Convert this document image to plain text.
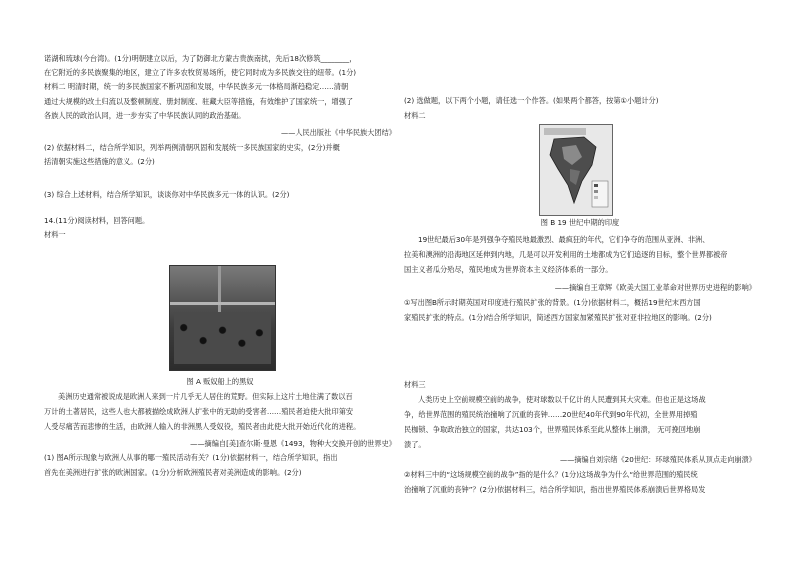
诺湖和琉球(今台湾)。(1分)明朝建立以后，为了防御北方蒙古贵族南扰，先后18次修筑________，
在它附近的多民族聚集的地区，建立了许多农牧贸易场所，使它同时成为多民族交往的纽带。(1分)
材料二 明清时期，统一的多民族国家不断巩固和发展，中华民族多元一体格局渐趋稳定……清朝
通过大规模的改土归流以及整顿制度、册封制度、驻藏大臣等措施，有效维护了国家统一，增强了
各族人民的政治认同，进一步夯实了中华民族认同的政治基础。
——人民出版社《中华民族大团结》
(2) 依据材料二，结合所学知识，列举两例清朝巩固和发展统一多民族国家的史实，(2分)并概
括清朝实施这些措施的意义。(2分)
(3) 综合上述材料，结合所学知识，谈谈你对中华民族多元一体的认识。(2分)
14.(11分)阅读材料，回答问题。
材料一
图 A 贩奴船上的黑奴
美洲历史通常被说成是欧洲人来到一片几乎无人居住的荒野。但实际上这片土地住满了数以百
万计的土著居民，这些人也大都被描绘成欧洲人扩张中的无助的受害者……殖民者迫使大批印第安
人受尽痛苦而悲惨的生活，由欧洲人输入的非洲黑人受奴役，殖民者由此使大批开始近代化的进程。
——摘编自[美]查尔斯·曼恩《1493，物种大交换开创的世界史》
(1) 图A所示现象与欧洲人从事的哪一殖民活动有关？(1分)依据材料一，结合所学知识，指出
首先在美洲进行扩张的欧洲国家。(1分)分析欧洲殖民者对美洲造成的影响。(2分)
(2) 选做题，以下两个小题，请任选一个作答。(如果两个都答，按第①小题计分)
材料二
图 B 19 世纪中期的印度
19世纪最后30年是列强争夺殖民地最激烈、最疯狂的年代，它们争夺的范围从亚洲、非洲、
拉美和澳洲的沿海地区延伸到内地，几是可以开发利用的土地都成为它们追逐的目标，整个世界都被帝
国主义者瓜分殆尽，殖民地成为世界资本主义经济体系的一部分。
——摘编自王章辉《欧美大国工业革命对世界历史进程的影响》
①写出图B所示时期英国对印度进行殖民扩张的背景。(1分)依据材料二，概括19世纪末西方国
家殖民扩张的特点。(1分)结合所学知识，简述西方国家加紧殖民扩张对亚非拉地区的影响。(2分)
材料三
人类历史上空前规模空前的战争，使对球数以千亿计的人民遭到其大灾难。但也正是这场战
争，给世界范围的殖民统治撞响了沉重的丧钟……20世纪40年代到90年代初，全世界用掉殖
民枷锁、争取政治独立的国家，共达103个，世界殖民体系至此从整体上崩溃， 无可挽回地崩
溃了。
——摘编自刘宗绪《20世纪：环球殖民体系从顶点走向崩溃》
②材料三中的“这场规模空前的战争”指的是什么？(1分)这场战争为什么“给世界范围的殖民统
治撞响了沉重的丧钟”？(2分)依据材料三，结合所学知识，指出世界殖民体系崩溃后世界格局发
